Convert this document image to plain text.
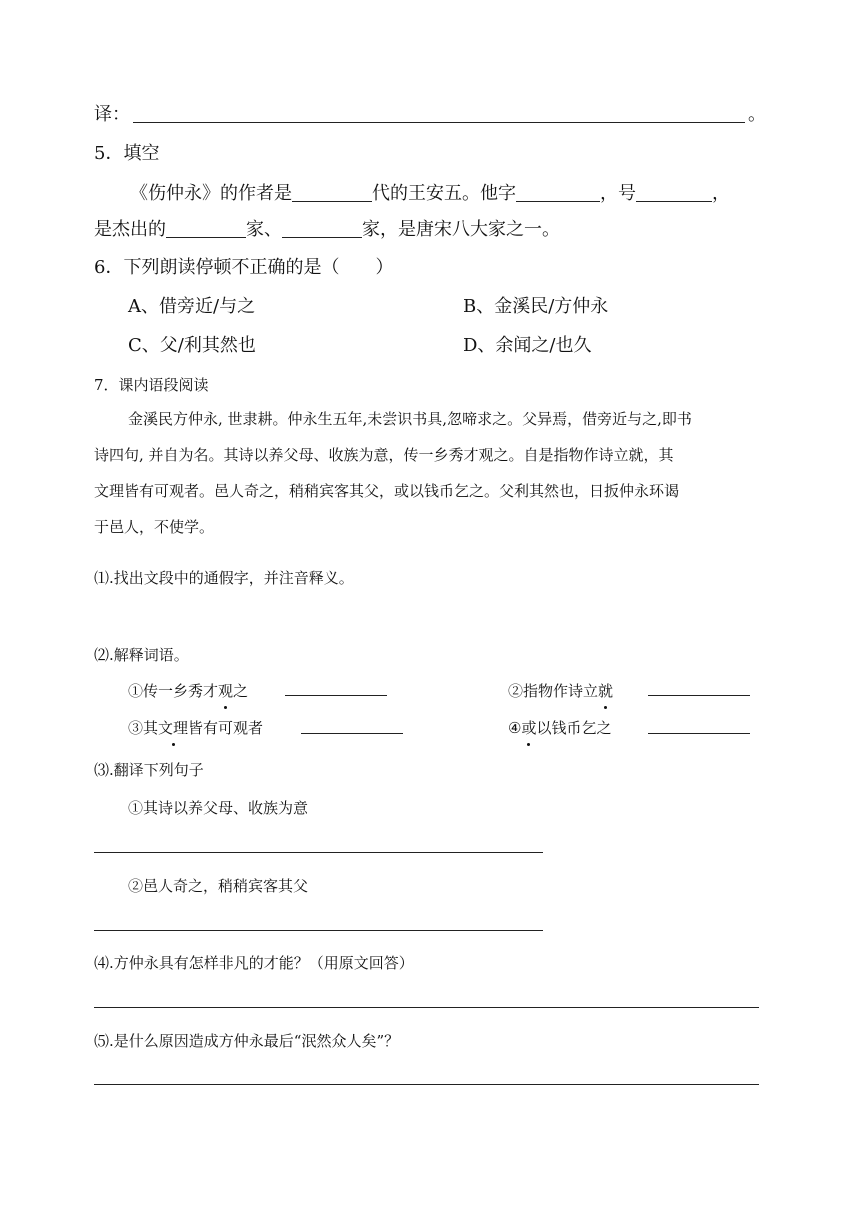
译：	。
5．填空
《伤仲永》的作者是	代的王安五。他字	，号	，
是杰出的	家、	家，是唐宋八大家之一。
6．下列朗读停顿不正确的是（　　）
A、借旁近/与之	B、金溪民/方仲永
C、父/利其然也	D、余闻之/也久
7．课内语段阅读
金溪民方仲永, 世隶耕。仲永生五年,未尝识书具,忽啼求之。父异焉，借旁近与之,即书
诗四句, 并自为名。其诗以养父母、收族为意，传一乡秀才观之。自是指物作诗立就，其
文理皆有可观者。邑人奇之，稍稍宾客其父，或以钱币乞之。父利其然也，日扳仲永环谒
于邑人，不使学。
⑴.找出文段中的通假字，并注音释义。
⑵.解释词语。
①传一乡秀才观之	②指物作诗立就
③其文理皆有可观者	④或以钱币乞之
⑶.翻译下列句子
①其诗以养父母、收族为意
②邑人奇之，稍稍宾客其父
⑷.方仲永具有怎样非凡的才能？（用原文回答）
⑸.是什么原因造成方仲永最后“泯然众人矣”？
